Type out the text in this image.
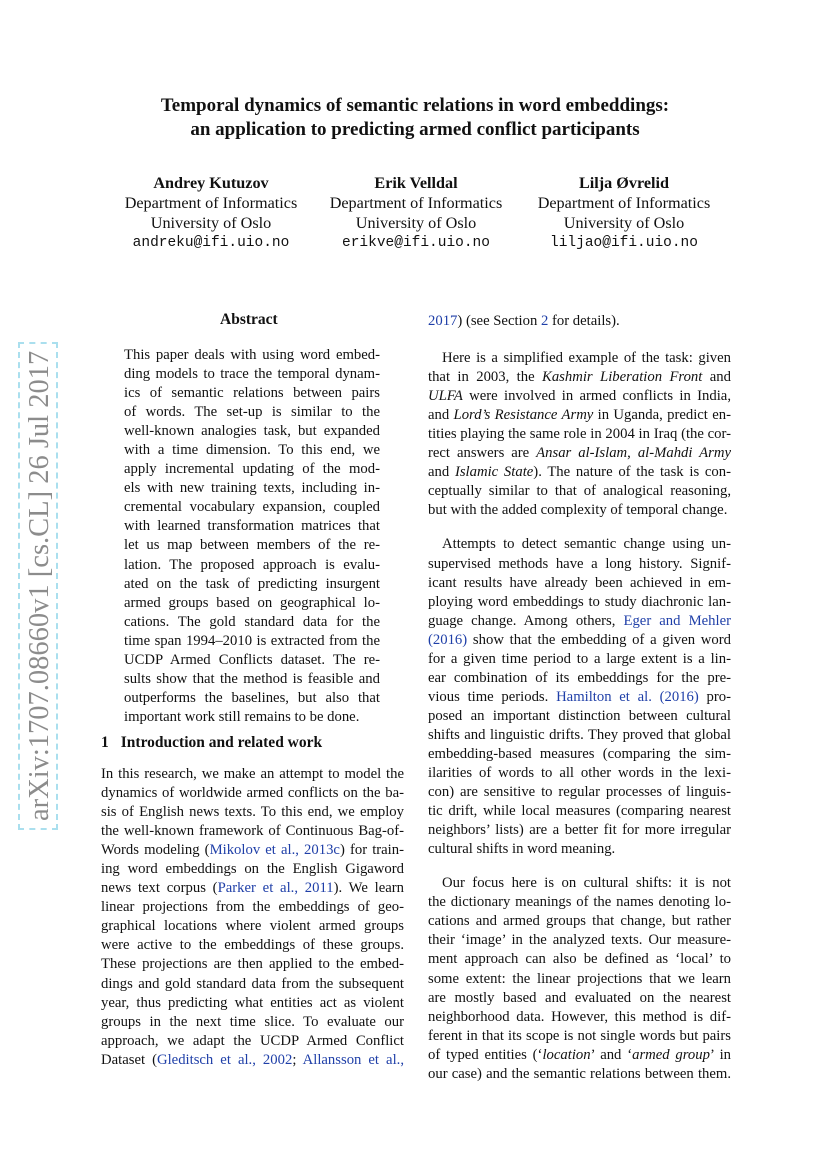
arXiv:1707.08660v1 [cs.CL] 26 Jul 2017
Temporal dynamics of semantic relations in word embeddings:
an application to predicting armed conflict participants
Andrey Kutuzov
Department of Informatics
University of Oslo
andreku@ifi.uio.no
Erik Velldal
Department of Informatics
University of Oslo
erikve@ifi.uio.no
Lilja Øvrelid
Department of Informatics
University of Oslo
liljao@ifi.uio.no
Abstract

This paper deals with using word embed-
ding models to trace the temporal dynam-
ics of semantic relations between pairs
of words. The set-up is similar to the
well-known analogies task, but expanded
with a time dimension. To this end, we
apply incremental updating of the mod-
els with new training texts, including in-
cremental vocabulary expansion, coupled
with learned transformation matrices that
let us map between members of the re-
lation. The proposed approach is evalu-
ated on the task of predicting insurgent
armed groups based on geographical lo-
cations. The gold standard data for the
time span 1994–2010 is extracted from the
UCDP Armed Conflicts dataset. The re-
sults show that the method is feasible and
outperforms the baselines, but also that
important work still remains to be done.

1 Introduction and related work

In this research, we make an attempt to model the
dynamics of worldwide armed conflicts on the ba-
sis of English news texts. To this end, we employ
the well-known framework of Continuous Bag-of-
Words modeling (Mikolov et al., 2013c) for train-
ing word embeddings on the English Gigaword
news text corpus (Parker et al., 2011). We learn
linear projections from the embeddings of geo-
graphical locations where violent armed groups
were active to the embeddings of these groups.
These projections are then applied to the embed-
dings and gold standard data from the subsequent
year, thus predicting what entities act as violent
groups in the next time slice. To evaluate our
approach, we adapt the UCDP Armed Conflict
Dataset (Gleditsch et al., 2002; Allansson et al.,

2017) (see Section 2 for details).

Here is a simplified example of the task: given
that in 2003, the Kashmir Liberation Front and
ULFA were involved in armed conflicts in India,
and Lord’s Resistance Army in Uganda, predict en-
tities playing the same role in 2004 in Iraq (the cor-
rect answers are Ansar al-Islam, al-Mahdi Army
and Islamic State). The nature of the task is con-
ceptually similar to that of analogical reasoning,
but with the added complexity of temporal change.

Attempts to detect semantic change using un-
supervised methods have a long history. Signif-
icant results have already been achieved in em-
ploying word embeddings to study diachronic lan-
guage change. Among others, Eger and Mehler
(2016) show that the embedding of a given word
for a given time period to a large extent is a lin-
ear combination of its embeddings for the pre-
vious time periods. Hamilton et al. (2016) pro-
posed an important distinction between cultural
shifts and linguistic drifts. They proved that global
embedding-based measures (comparing the sim-
ilarities of words to all other words in the lexi-
con) are sensitive to regular processes of linguis-
tic drift, while local measures (comparing nearest
neighbors’ lists) are a better fit for more irregular
cultural shifts in word meaning.

Our focus here is on cultural shifts: it is not
the dictionary meanings of the names denoting lo-
cations and armed groups that change, but rather
their ‘image’ in the analyzed texts. Our measure-
ment approach can also be defined as ‘local’ to
some extent: the linear projections that we learn
are mostly based and evaluated on the nearest
neighborhood data. However, this method is dif-
ferent in that its scope is not single words but pairs
of typed entities (‘location’ and ‘armed group’ in
our case) and the semantic relations between them.
